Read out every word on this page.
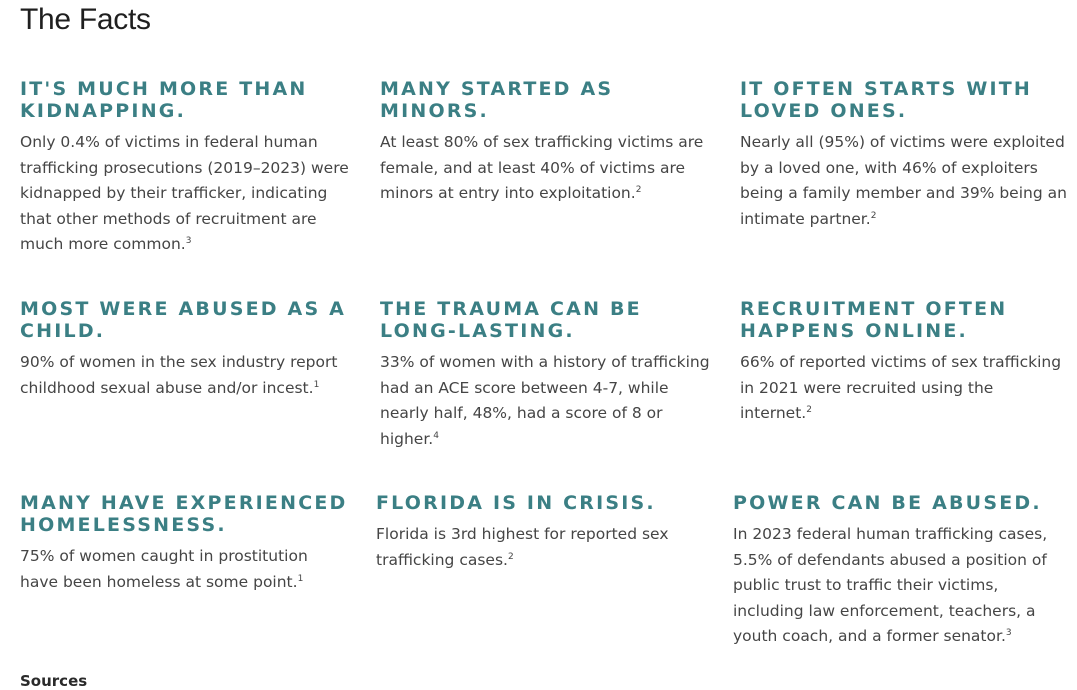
The Facts
IT'S MUCH MORE THAN KIDNAPPING.

Only 0.4% of victims in federal human trafficking prosecutions (2019–2023) were kidnapped by their trafficker, indicating that other methods of recruitment are much more common.$^3$

MANY STARTED AS MINORS.

At least 80% of sex trafficking victims are female, and at least 40% of victims are minors at entry into exploitation.$^2$

IT OFTEN STARTS WITH LOVED ONES.

Nearly all (95%) of victims were exploited by a loved one, with 46% of exploiters being a family member and 39% being an intimate partner.$^2$

MOST WERE ABUSED AS A CHILD.

90% of women in the sex industry report childhood sexual abuse and/or incest.$^1$

THE TRAUMA CAN BE LONG-LASTING.

33% of women with a history of trafficking had an ACE score between 4-7, while nearly half, 48%, had a score of 8 or higher.$^4$

RECRUITMENT OFTEN HAPPENS ONLINE.

66% of reported victims of sex trafficking in 2021 were recruited using the internet.$^2$

MANY HAVE EXPERIENCED HOMELESSNESS.

75% of women caught in prostitution have been homeless at some point.$^1$

FLORIDA IS IN CRISIS.

Florida is 3rd highest for reported sex trafficking cases.$^2$

POWER CAN BE ABUSED.

In 2023 federal human trafficking cases, 5.5% of defendants abused a position of public trust to traffic their victims, including law enforcement, teachers, a youth coach, and a former senator.$^3$

Sources
